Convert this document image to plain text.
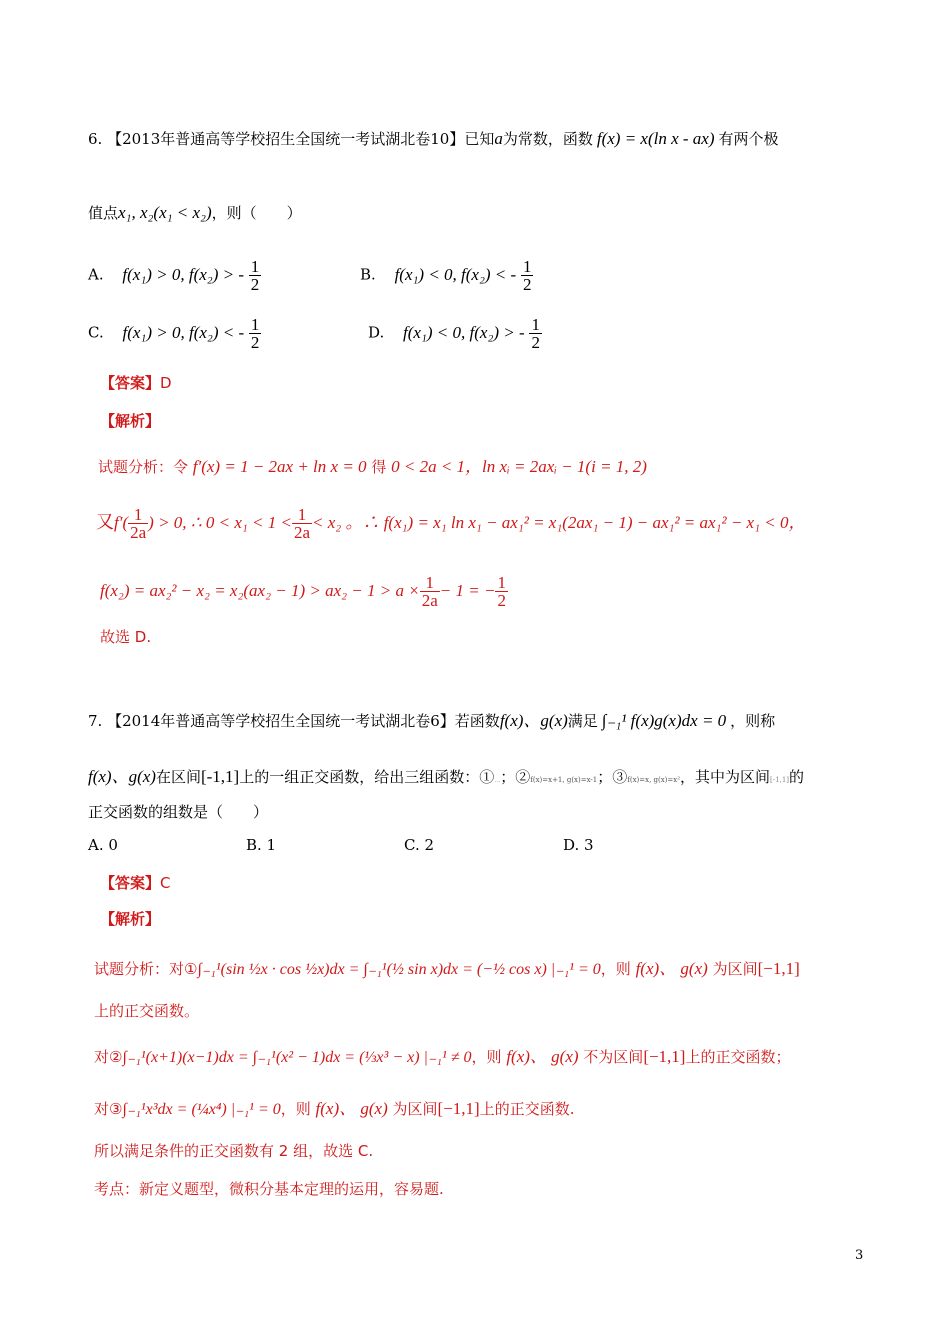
6. 【2013年普通高等学校招生全国统一考试湖北卷10】已知a为常数，函数 f(x) = x(ln x - ax) 有两个极
值点x₁, x₂(x₁ < x₂)，则（　　）
A. f(x₁) > 0, f(x₂) > - $\frac{1}{2}$	B. f(x₁) < 0, f(x₂) < - $\frac{1}{2}$
C. f(x₁) > 0, f(x₂) < - $\frac{1}{2}$	D. f(x₁) < 0, f(x₂) > - $\frac{1}{2}$
【答案】D
【解析】
试题分析：令 f′(x) = 1 − 2ax + ln x = 0 得 0 < 2a < 1，ln xᵢ = 2axᵢ − 1(i = 1, 2)
又$f'( \frac{1}{2a}$ ) > 0, ∴ $0 < x_1 < 1 < \frac{1}{2a} < x_2$ 。∴ f(x₁) = x₁ ln x₁ − ax₁² = x₁(2ax₁ − 1) − ax₁² = ax₁² − x₁ < 0，
$f(x_2) = ax_2^2 - x_2 = x_2(ax_2 - 1) > ax_2 - 1 > a \times \frac{1}{2a} - 1$ = − $\frac{1}{2}$
故选 D.
7. 【2014年普通高等学校招生全国统一考试湖北卷6】若函数f(x)、g(x)满足 ∫₋₁¹ f(x)g(x)dx = 0 ，则称
f(x)、g(x)在区间[-1,1]上的一组正交函数，给出三组函数：①…；②f(x)=x+1, g(x)=x-1；③f(x)=x, g(x)=x²，其中为区间[-1,1]的
正交函数的组数是（　　）
A. 0	B. 1	C. 2	D. 3
【答案】C
【解析】
试题分析：对①∫₋₁¹(sin ½x · cos ½x)dx = ∫₋₁¹(½ sin x)dx = (−½ cos x) |₋₁¹ = 0，则 f(x)、 g(x) 为区间[−1,1]
上的正交函数。
对②∫₋₁¹(x+1)(x−1)dx = ∫₋₁¹(x² − 1)dx = (⅓x³ − x) |₋₁¹ ≠ 0，则 f(x)、 g(x) 不为区间[−1,1]上的正交函数；
对③∫₋₁¹x³dx = (¼x⁴) |₋₁¹ = 0，则 f(x)、 g(x) 为区间[−1,1]上的正交函数.
所以满足条件的正交函数有 2 组，故选 C.
考点：新定义题型，微积分基本定理的运用，容易题.
3
